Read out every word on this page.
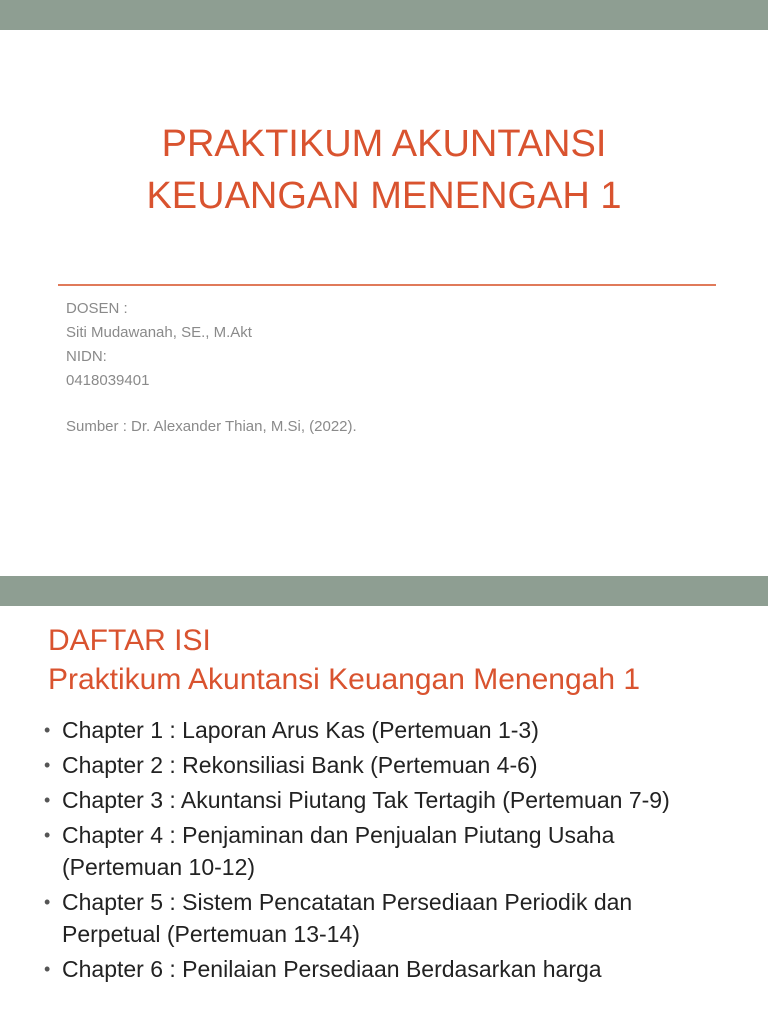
PRAKTIKUM AKUNTANSI
KEUANGAN MENENGAH 1
DOSEN :
Siti Mudawanah, SE., M.Akt
NIDN:
0418039401
Sumber : Dr. Alexander Thian, M.Si, (2022).
DAFTAR ISI
Praktikum Akuntansi Keuangan Menengah 1
• Chapter 1 : Laporan Arus Kas (Pertemuan 1-3)
• Chapter 2 : Rekonsiliasi Bank (Pertemuan 4-6)
• Chapter 3 : Akuntansi Piutang Tak Tertagih (Pertemuan 7-9)
• Chapter 4 : Penjaminan dan Penjualan Piutang Usaha (Pertemuan 10-12)
• Chapter 5 : Sistem Pencatatan Persediaan Periodik dan Perpetual (Pertemuan 13-14)
• Chapter 6 : Penilaian Persediaan Berdasarkan harga
